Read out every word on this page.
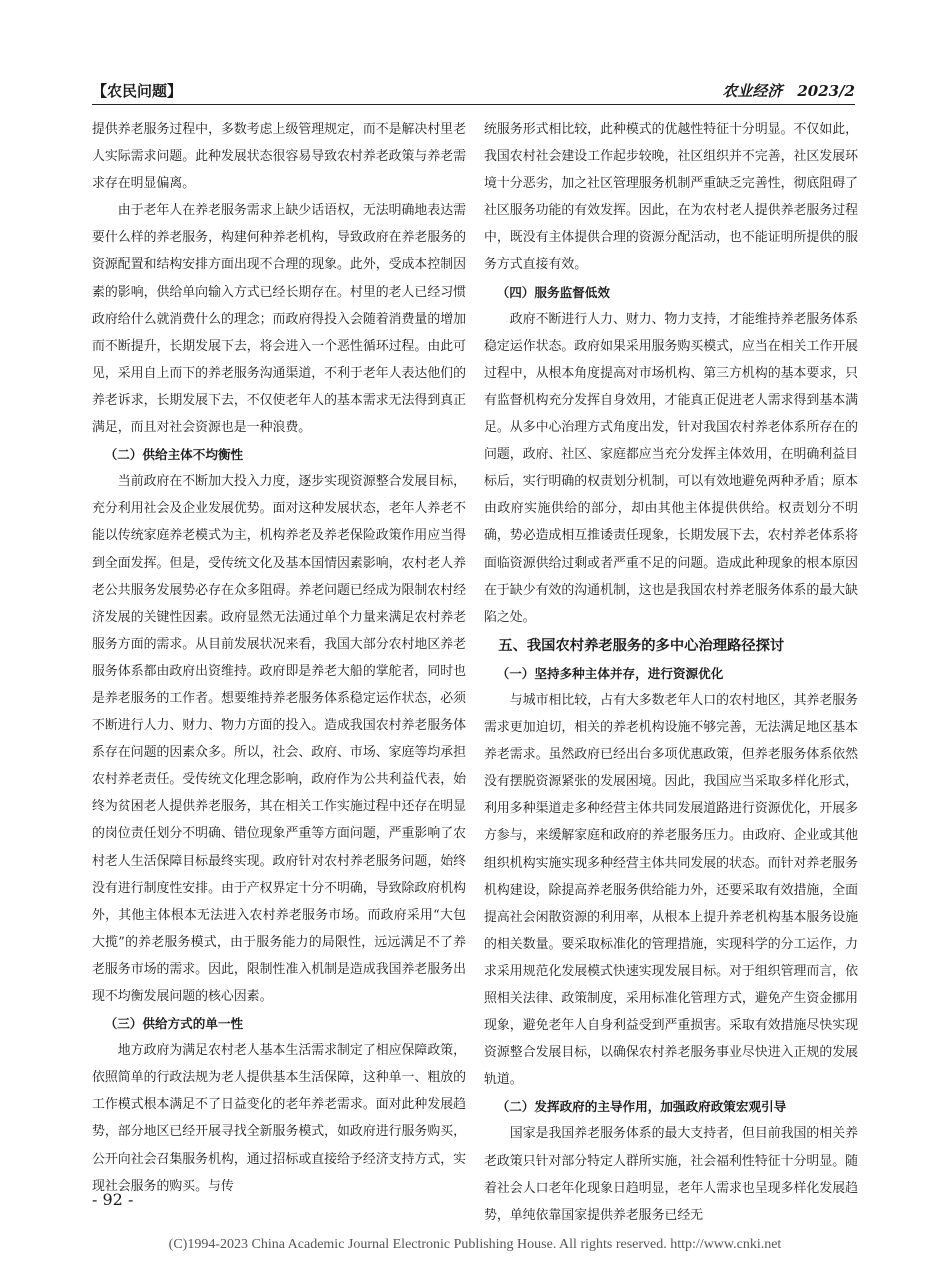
【农民问题】	农业经济　2023/2

提供养老服务过程中，多数考虑上级管理规定，而不是解决村里老人实际需求问题。此种发展状态很容易导致农村养老政策与养老需求存在明显偏离。

由于老年人在养老服务需求上缺少话语权，无法明确地表达需要什么样的养老服务，构建何种养老机构，导致政府在养老服务的资源配置和结构安排方面出现不合理的现象。此外，受成本控制因素的影响，供给单向输入方式已经长期存在。村里的老人已经习惯政府给什么就消费什么的理念；而政府得投入会随着消费量的增加而不断提升，长期发展下去，将会进入一个恶性循环过程。由此可见，采用自上而下的养老服务沟通渠道，不利于老年人表达他们的养老诉求，长期发展下去，不仅使老年人的基本需求无法得到真正满足，而且对社会资源也是一种浪费。

（二）供给主体不均衡性

当前政府在不断加大投入力度，逐步实现资源整合发展目标，充分利用社会及企业发展优势。面对这种发展状态，老年人养老不能以传统家庭养老模式为主，机构养老及养老保险政策作用应当得到全面发挥。但是，受传统文化及基本国情因素影响，农村老人养老公共服务发展势必存在众多阻碍。养老问题已经成为限制农村经济发展的关键性因素。政府显然无法通过单个力量来满足农村养老服务方面的需求。从目前发展状况来看，我国大部分农村地区养老服务体系都由政府出资维持。政府即是养老大船的掌舵者，同时也是养老服务的工作者。想要维持养老服务体系稳定运作状态，必须不断进行人力、财力、物力方面的投入。造成我国农村养老服务体系存在问题的因素众多。所以，社会、政府、市场、家庭等均承担农村养老责任。受传统文化理念影响，政府作为公共利益代表，始终为贫困老人提供养老服务，其在相关工作实施过程中还存在明显的岗位责任划分不明确、错位现象严重等方面问题，严重影响了农村老人生活保障目标最终实现。政府针对农村养老服务问题，始终没有进行制度性安排。由于产权界定十分不明确，导致除政府机构外，其他主体根本无法进入农村养老服务市场。而政府采用“大包大揽”的养老服务模式，由于服务能力的局限性，远远满足不了养老服务市场的需求。因此，限制性准入机制是造成我国养老服务出现不均衡发展问题的核心因素。

（三）供给方式的单一性

地方政府为满足农村老人基本生活需求制定了相应保障政策，依照简单的行政法规为老人提供基本生活保障，这种单一、粗放的工作模式根本满足不了日益变化的老年养老需求。面对此种发展趋势，部分地区已经开展寻找全新服务模式，如政府进行服务购买，公开向社会召集服务机构，通过招标或直接给予经济支持方式，实现社会服务的购买。与传

统服务形式相比较，此种模式的优越性特征十分明显。不仅如此，我国农村社会建设工作起步较晚，社区组织并不完善，社区发展环境十分恶劣，加之社区管理服务机制严重缺乏完善性，彻底阻碍了社区服务功能的有效发挥。因此，在为农村老人提供养老服务过程中，既没有主体提供合理的资源分配活动，也不能证明所提供的服务方式直接有效。

（四）服务监督低效

政府不断进行人力、财力、物力支持，才能维持养老服务体系稳定运作状态。政府如果采用服务购买模式，应当在相关工作开展过程中，从根本角度提高对市场机构、第三方机构的基本要求，只有监督机构充分发挥自身效用，才能真正促进老人需求得到基本满足。从多中心治理方式角度出发，针对我国农村养老体系所存在的问题，政府、社区、家庭都应当充分发挥主体效用，在明确利益目标后，实行明确的权责划分机制，可以有效地避免两种矛盾；原本由政府实施供给的部分，却由其他主体提供供给。权责划分不明确，势必造成相互推诿责任现象，长期发展下去，农村养老体系将面临资源供给过剩或者严重不足的问题。造成此种现象的根本原因在于缺少有效的沟通机制，这也是我国农村养老服务体系的最大缺陷之处。

五、我国农村养老服务的多中心治理路径探讨
（一）坚持多种主体并存，进行资源优化

与城市相比较，占有大多数老年人口的农村地区，其养老服务需求更加迫切，相关的养老机构设施不够完善，无法满足地区基本养老需求。虽然政府已经出台多项优惠政策，但养老服务体系依然没有摆脱资源紧张的发展困境。因此，我国应当采取多样化形式，利用多种渠道走多种经营主体共同发展道路进行资源优化，开展多方参与，来缓解家庭和政府的养老服务压力。由政府、企业或其他组织机构实施实现多种经营主体共同发展的状态。而针对养老服务机构建设，除提高养老服务供给能力外，还要采取有效措施，全面提高社会闲散资源的利用率，从根本上提升养老机构基本服务设施的相关数量。要采取标准化的管理措施，实现科学的分工运作，力求采用规范化发展模式快速实现发展目标。对于组织管理而言，依照相关法律、政策制度，采用标准化管理方式，避免产生资金挪用现象，避免老年人自身利益受到严重损害。采取有效措施尽快实现资源整合发展目标，以确保农村养老服务事业尽快进入正规的发展轨道。

（二）发挥政府的主导作用，加强政府政策宏观引导

国家是我国养老服务体系的最大支持者，但目前我国的相关养老政策只针对部分特定人群所实施，社会福利性特征十分明显。随着社会人口老年化现象日趋明显，老年人需求也呈现多样化发展趋势，单纯依靠国家提供养老服务已经无

- 92 -
(C)1994-2023 China Academic Journal Electronic Publishing House. All rights reserved. http://www.cnki.net
